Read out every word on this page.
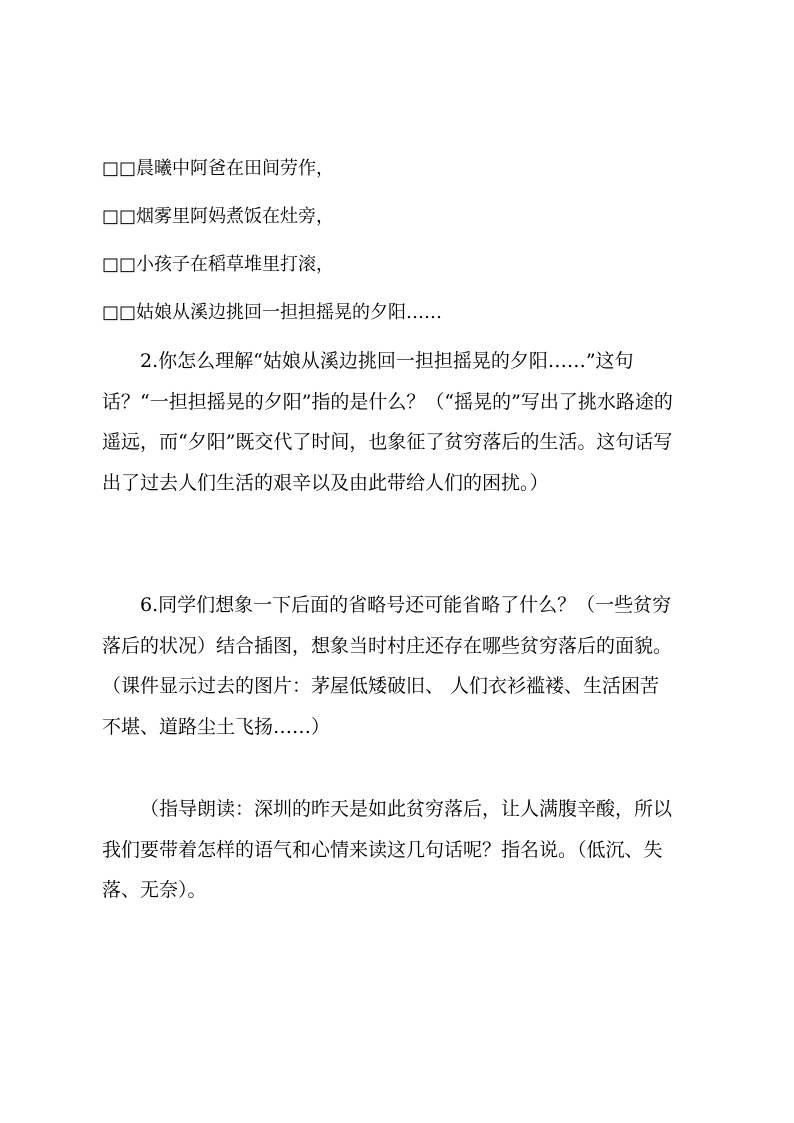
□□晨曦中阿爸在田间劳作，
□□烟雾里阿妈煮饭在灶旁，
□□小孩子在稻草堆里打滚，
□□姑娘从溪边挑回一担担摇晃的夕阳……

2.你怎么理解“姑娘从溪边挑回一担担摇晃的夕阳……”这句话？“一担担摇晃的夕阳”指的是什么？（“摇晃的”写出了挑水路途的遥远，而“夕阳”既交代了时间，也象征了贫穷落后的生活。这句话写出了过去人们生活的艰辛以及由此带给人们的困扰。）

6.同学们想象一下后面的省略号还可能省略了什么？（一些贫穷落后的状况）结合插图，想象当时村庄还存在哪些贫穷落后的面貌。（课件显示过去的图片：茅屋低矮破旧、 人们衣衫褴褛、生活困苦不堪、道路尘土飞扬……）

（指导朗读：深圳的昨天是如此贫穷落后，让人满腹辛酸，所以我们要带着怎样的语气和心情来读这几句话呢？指名说。（低沉、失落、无奈）。
